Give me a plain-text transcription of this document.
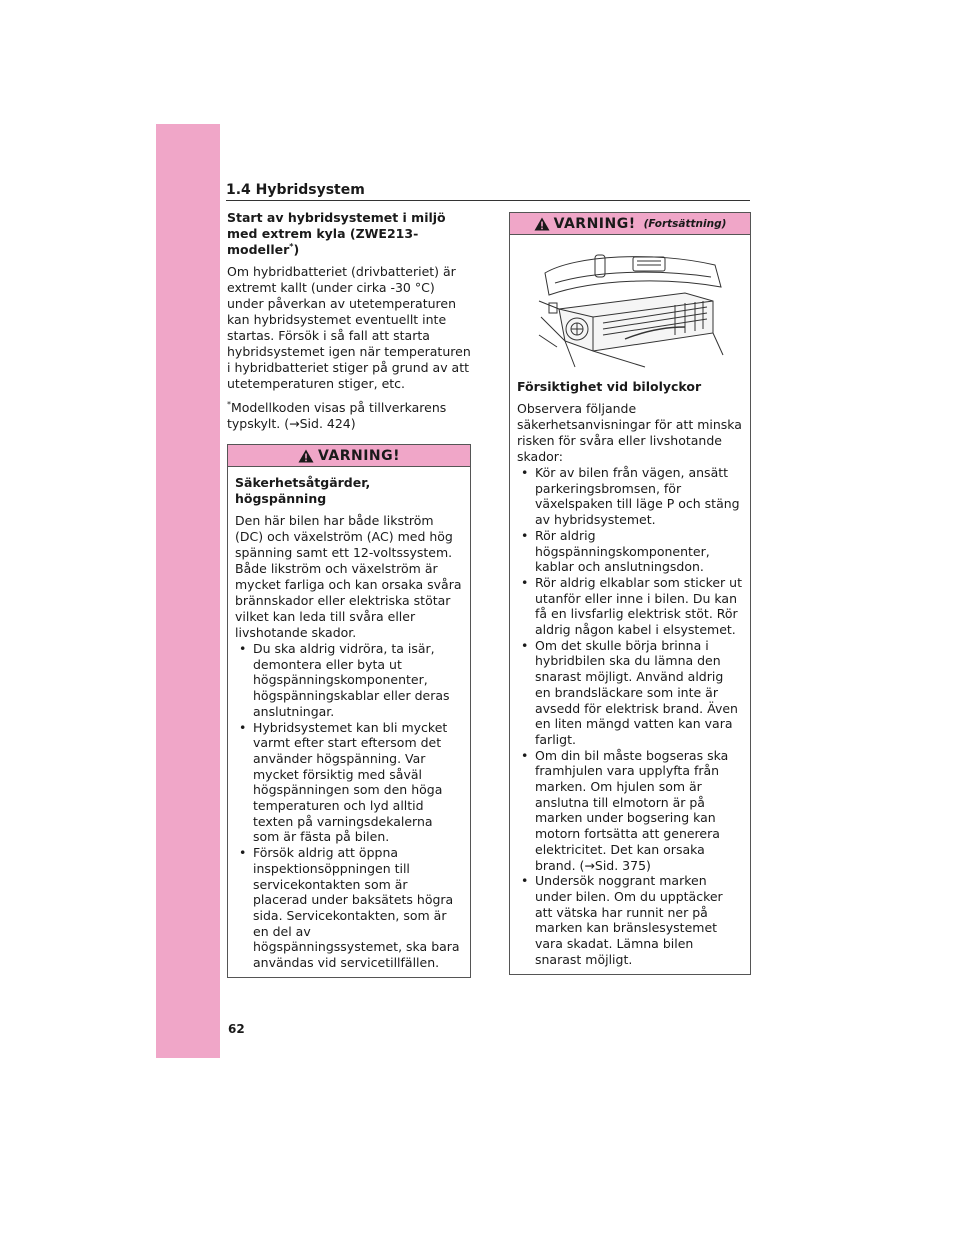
1.4 Hybridsystem
Start av hybridsystemet i miljö med extrem kyla (ZWE213-modeller*)
Om hybridbatteriet (drivbatteriet) är extremt kallt (under cirka -30 °C) under påverkan av utetemperaturen kan hybridsystemet eventuellt inte startas. Försök i så fall att starta hybridsystemet igen när temperaturen i hybridbatteriet stiger på grund av att utetemperaturen stiger, etc.
*Modellkoden visas på tillverkarens typskylt. (→Sid. 424)
VARNING!
Säkerhetsåtgärder, högspänning
Den här bilen har både likström (DC) och växelström (AC) med hög spänning samt ett 12-voltssystem. Både likström och växelström är mycket farliga och kan orsaka svåra brännskador eller elektriska stötar vilket kan leda till svåra eller livshotande skador.
• Du ska aldrig vidröra, ta isär, demontera eller byta ut högspänningskomponenter, högspänningskablar eller deras anslutningar.
• Hybridsystemet kan bli mycket varmt efter start eftersom det använder högspänning. Var mycket försiktig med såväl högspänningen som den höga temperaturen och lyd alltid texten på varningsdekalerna som är fästa på bilen.
• Försök aldrig att öppna inspektionsöppningen till servicekontakten som är placerad under baksätets högra sida. Servicekontakten, som är en del av högspänningssystemet, ska bara användas vid servicetillfällen.
VARNING! (Fortsättning)
Försiktighet vid bilolyckor
Observera följande säkerhetsanvisningar för att minska risken för svåra eller livshotande skador:
• Kör av bilen från vägen, ansätt parkeringsbromsen, för växelspaken till läge P och stäng av hybridsystemet.
• Rör aldrig högspänningskomponenter, kablar och anslutningsdon.
• Rör aldrig elkablar som sticker ut utanför eller inne i bilen. Du kan få en livsfarlig elektrisk stöt. Rör aldrig någon kabel i elsystemet.
• Om det skulle börja brinna i hybridbilen ska du lämna den snarast möjligt. Använd aldrig en brandsläckare som inte är avsedd för elektrisk brand. Även en liten mängd vatten kan vara farligt.
• Om din bil måste bogseras ska framhjulen vara upplyfta från marken. Om hjulen som är anslutna till elmotorn är på marken under bogsering kan motorn fortsätta att generera elektricitet. Det kan orsaka brand. (→Sid. 375)
• Undersök noggrant marken under bilen. Om du upptäcker att vätska har runnit ner på marken kan bränslesystemet vara skadat. Lämna bilen snarast möjligt.
62
